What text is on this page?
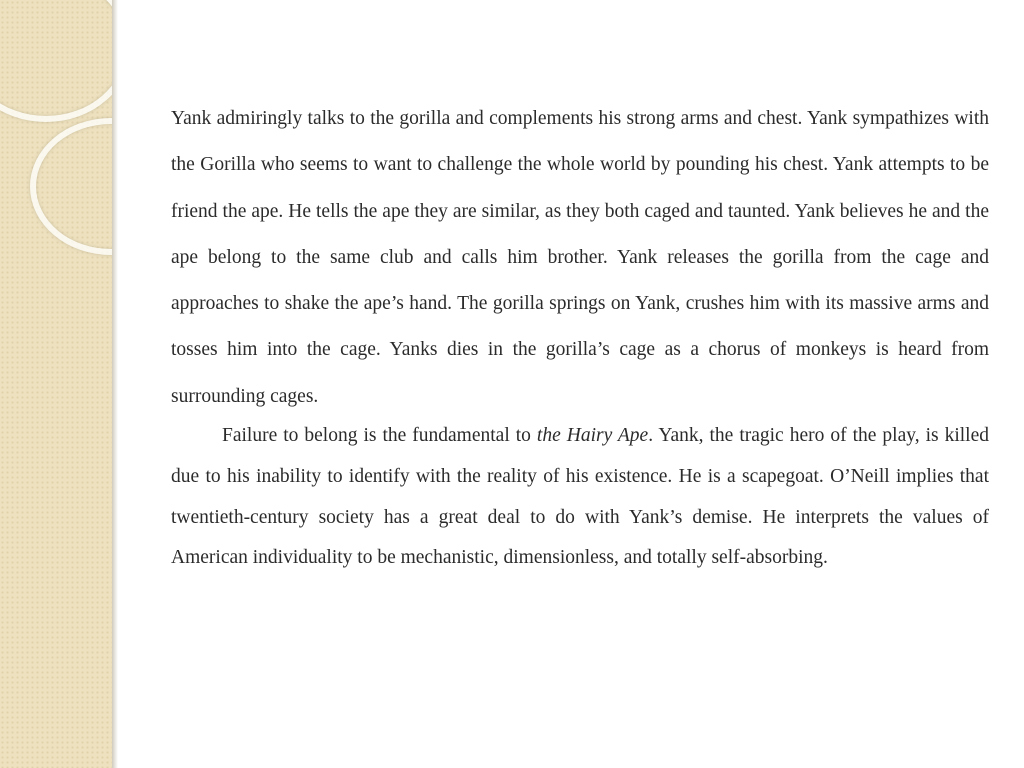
Yank admiringly talks to the gorilla and complements his strong arms and chest. Yank sympathizes with the Gorilla who seems to want to challenge the whole world by pounding his chest. Yank attempts to be friend the ape. He tells the ape they are similar, as they both caged and taunted. Yank believes he and the ape belong to the same club and calls him brother. Yank releases the gorilla from the cage and approaches to shake the ape’s hand. The gorilla springs on Yank, crushes him with its massive arms and tosses him into the cage. Yanks dies in the gorilla’s cage as a chorus of monkeys is heard from surrounding cages.

Failure to belong is the fundamental to the Hairy Ape. Yank, the tragic hero of the play, is killed due to his inability to identify with the reality of his existence. He is a scapegoat. O’Neill implies that twentieth-century society has a great deal to do with Yank’s demise. He interprets the values of American individuality to be mechanistic, dimensionless, and totally self-absorbing.
